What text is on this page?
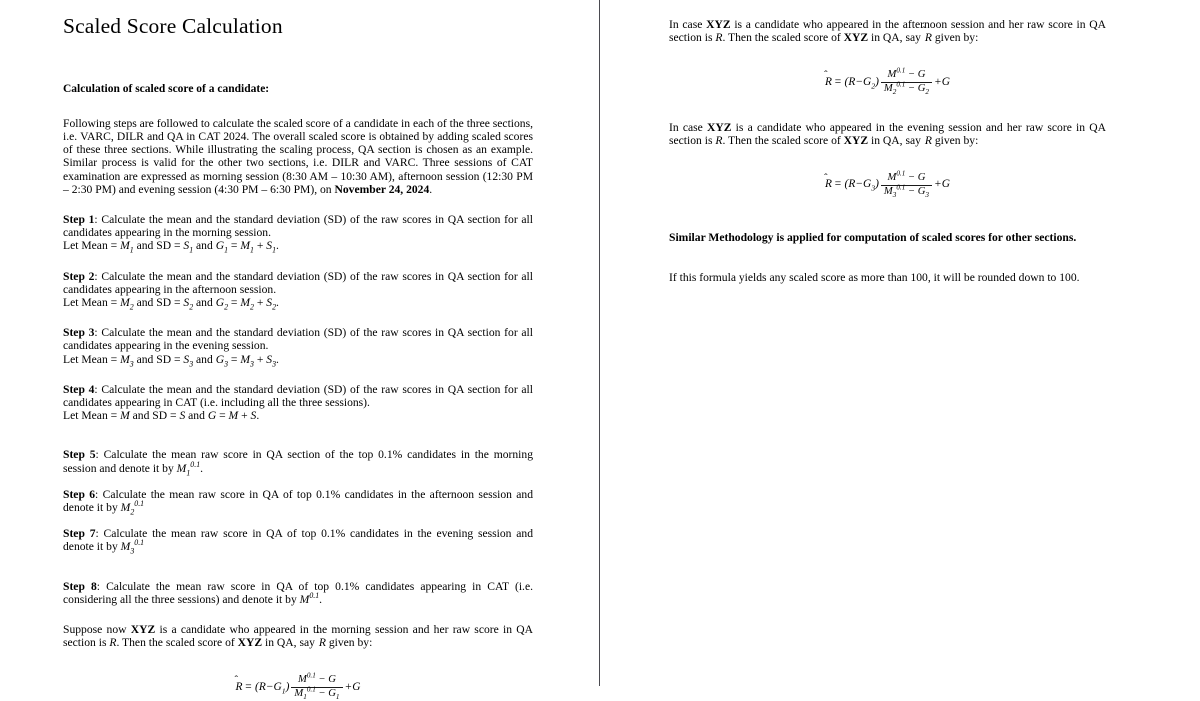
Scaled Score Calculation
Calculation of scaled score of a candidate:

Following steps are followed to calculate the scaled score of a candidate in each of the three sections, i.e. VARC, DILR and QA in CAT 2024. The overall scaled score is obtained by adding scaled scores of these three sections. While illustrating the scaling process, QA section is chosen as an example. Similar process is valid for the other two sections, i.e. DILR and VARC. Three sessions of CAT examination are expressed as morning session (8:30 AM – 10:30 AM), afternoon session (12:30 PM – 2:30 PM) and evening session (4:30 PM – 6:30 PM), on November 24, 2024.

Step 1: Calculate the mean and the standard deviation (SD) of the raw scores in QA section for all candidates appearing in the morning session.

Let Mean = $M_1$ and SD = $S_1$ and $G_1 = M_1 + S_1$.

Step 2: Calculate the mean and the standard deviation (SD) of the raw scores in QA section for all candidates appearing in the afternoon session.

Let Mean = $M_2$ and SD = $S_2$ and $G_2 = M_2 + S_2$.

Step 3: Calculate the mean and the standard deviation (SD) of the raw scores in QA section for all candidates appearing in the evening session.

Let Mean = $M_3$ and SD = $S_3$ and $G_3 = M_3 + S_3$.

Step 4: Calculate the mean and the standard deviation (SD) of the raw scores in QA section for all candidates appearing in CAT (i.e. including all the three sessions).

Let Mean = M and SD = S and G = M + S.

Step 5: Calculate the mean raw score in QA section of the top 0.1% candidates in the morning session and denote it by $M_1^{0.1}$.

Step 6: Calculate the mean raw score in QA of top 0.1% candidates in the afternoon session and denote it by $M_2^{0.1}$

Step 7: Calculate the mean raw score in QA of top 0.1% candidates in the evening session and denote it by $M_3^{0.1}$

Step 8: Calculate the mean raw score in QA of top 0.1% candidates appearing in CAT (i.e. considering all the three sessions) and denote it by $M^{0.1}$.

Suppose now XYZ is a candidate who appeared in the morning session and her raw score in QA section is R. Then the scaled score of XYZ in QA, say ˆ R given by:

ˆ R = ( $R - G_1$ ) $\frac{M^{0.1} - G}{M_1^{0.1} - G_1} + G$

In case XYZ is a candidate who appeared in the afternoon session and her raw score in QA section is R. Then the scaled score of XYZ in QA, say ˆ R given by:

ˆ R = ( $R - G_2$ ) $\frac{M^{0.1} - G}{M_2^{0.1} - G_2} + G$

In case XYZ is a candidate who appeared in the evening session and her raw score in QA section is R. Then the scaled score of XYZ in QA, say ˆ R given by:

ˆ R = ( $R - G_3$ ) $\frac{M^{0.1} - G}{M_3^{0.1} - G_3} + G$

Similar Methodology is applied for computation of scaled scores for other sections.

If this formula yields any scaled score as more than 100, it will be rounded down to 100.
